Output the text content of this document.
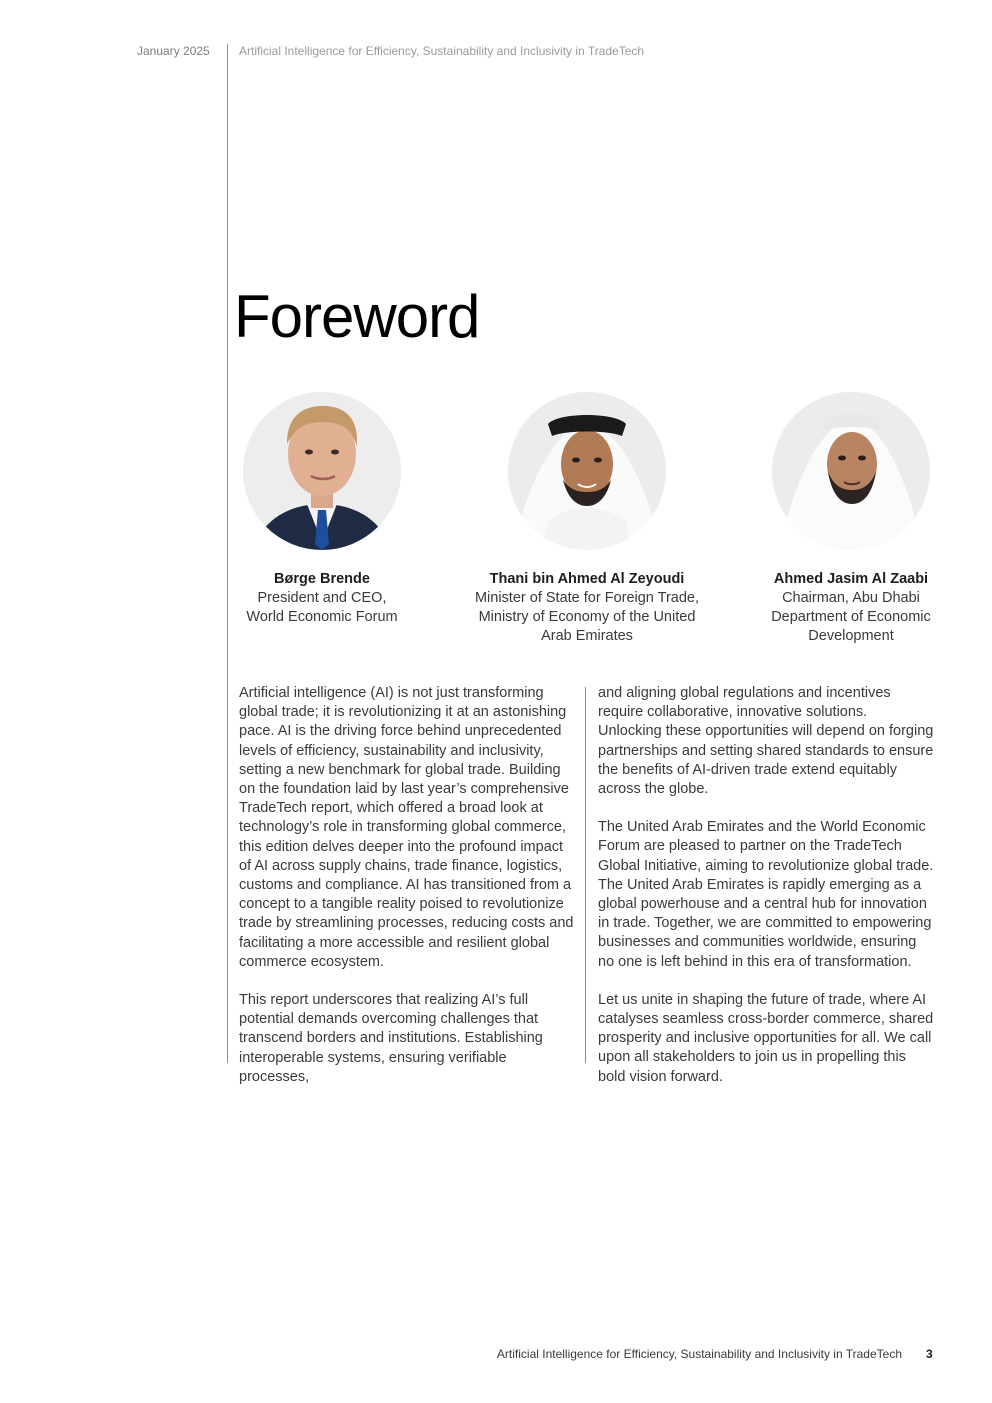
January 2025 Artificial Intelligence for Efficiency, Sustainability and Inclusivity in TradeTech
Foreword
Børge Brende
President and CEO,
World Economic Forum
Thani bin Ahmed Al Zeyoudi
Minister of State for Foreign Trade,
Ministry of Economy of the United
Arab Emirates
Ahmed Jasim Al Zaabi
Chairman, Abu Dhabi
Department of Economic
Development

Artificial intelligence (AI) is not just transforming global trade; it is revolutionizing it at an astonishing pace. AI is the driving force behind unprecedented levels of efficiency, sustainability and inclusivity, setting a new benchmark for global trade. Building on the foundation laid by last year’s comprehensive TradeTech report, which offered a broad look at technology’s role in transforming global commerce, this edition delves deeper into the profound impact of AI across supply chains, trade finance, logistics, customs and compliance. AI has transitioned from a concept to a tangible reality poised to revolutionize trade by streamlining processes, reducing costs and facilitating a more accessible and resilient global commerce ecosystem.

This report underscores that realizing AI’s full potential demands overcoming challenges that transcend borders and institutions. Establishing interoperable systems, ensuring verifiable processes,

and aligning global regulations and incentives require collaborative, innovative solutions. Unlocking these opportunities will depend on forging partnerships and setting shared standards to ensure the benefits of AI-driven trade extend equitably across the globe.

The United Arab Emirates and the World Economic Forum are pleased to partner on the TradeTech Global Initiative, aiming to revolutionize global trade. The United Arab Emirates is rapidly emerging as a global powerhouse and a central hub for innovation in trade. Together, we are committed to empowering businesses and communities worldwide, ensuring no one is left behind in this era of transformation.

Let us unite in shaping the future of trade, where AI catalyses seamless cross-border commerce, shared prosperity and inclusive opportunities for all. We call upon all stakeholders to join us in propelling this bold vision forward.

Artificial Intelligence for Efficiency, Sustainability and Inclusivity in TradeTech 3
